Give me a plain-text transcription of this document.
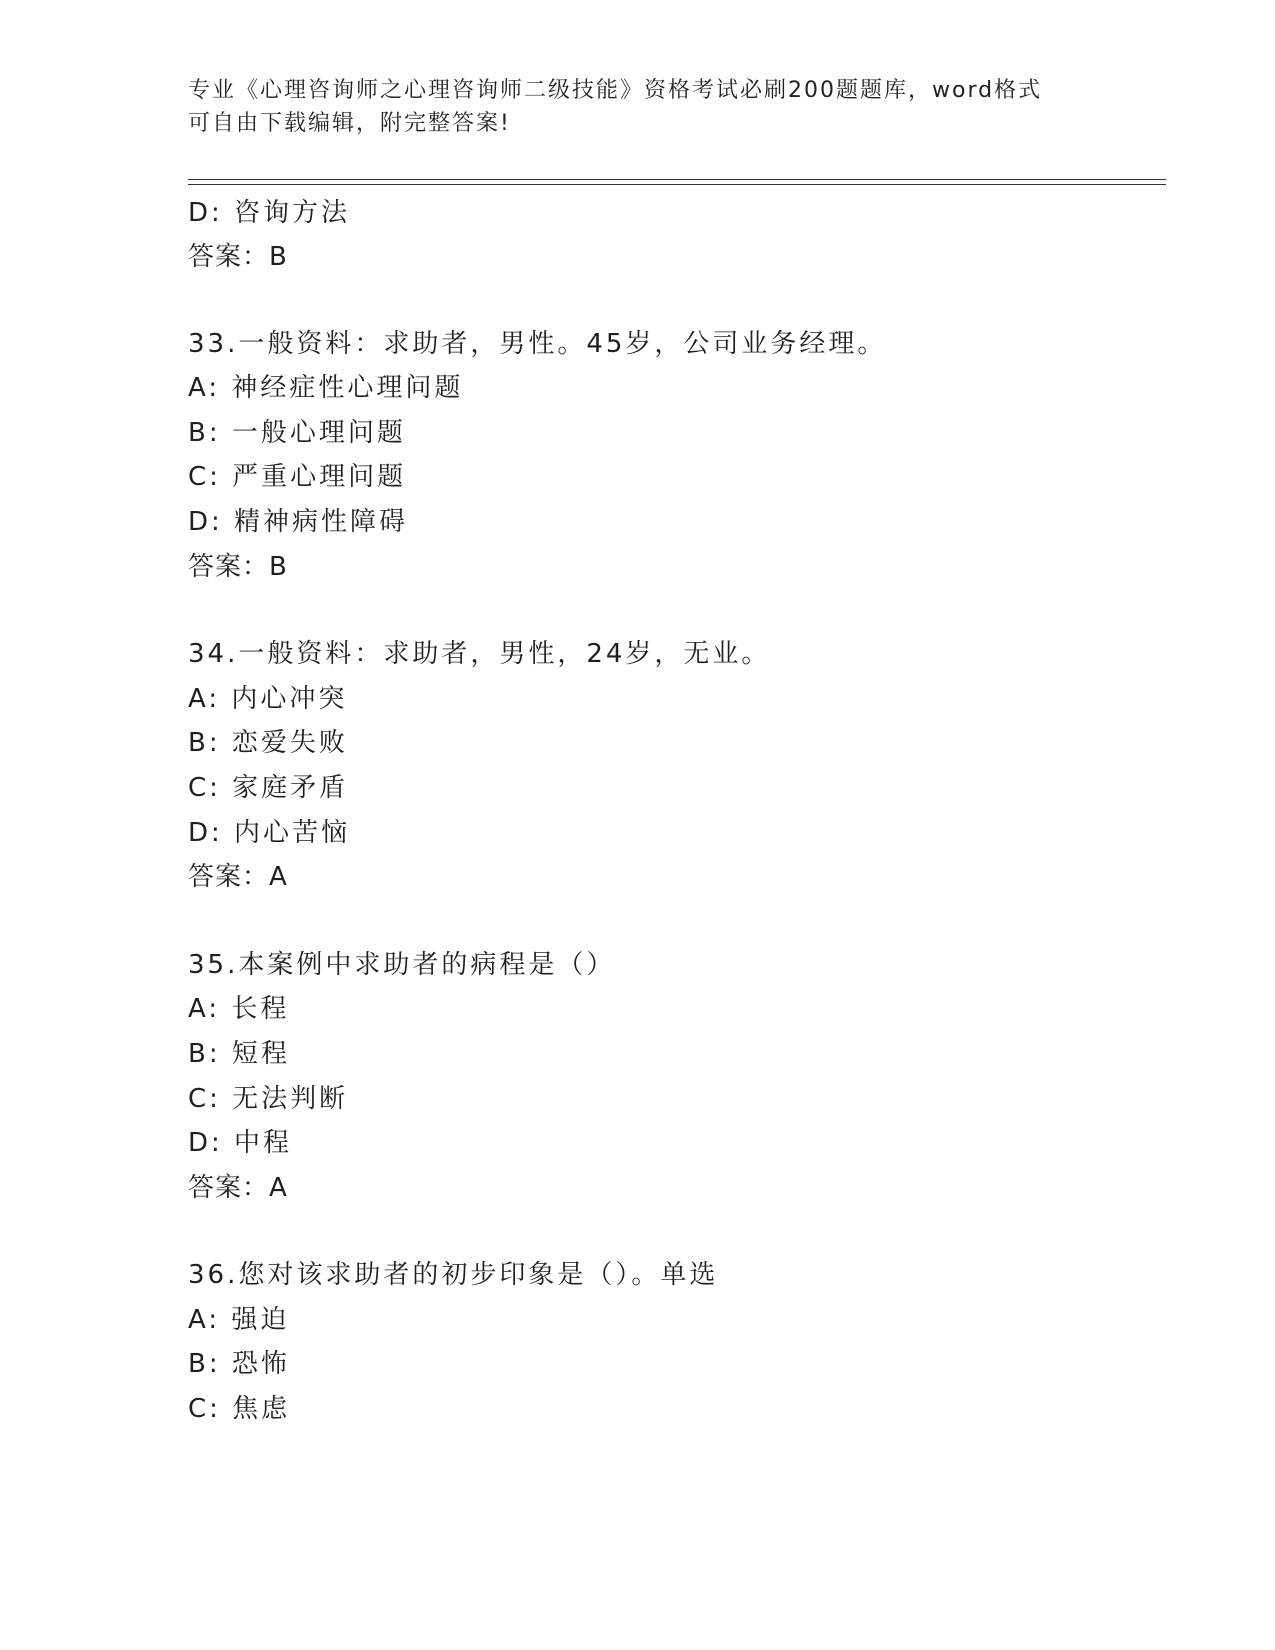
专业《心理咨询师之心理咨询师二级技能》资格考试必刷200题题库，word格式
可自由下载编辑，附完整答案!
D: 咨询方法
答案：B
33.一般资料：求助者，男性。45岁，公司业务经理。
A: 神经症性心理问题
B: 一般心理问题
C: 严重心理问题
D: 精神病性障碍
答案：B
34.一般资料：求助者，男性，24岁，无业。
A: 内心冲突
B: 恋爱失败
C: 家庭矛盾
D: 内心苦恼
答案：A
35.本案例中求助者的病程是（）
A: 长程
B: 短程
C: 无法判断
D: 中程
答案：A
36.您对该求助者的初步印象是（）。单选
A: 强迫
B: 恐怖
C: 焦虑
